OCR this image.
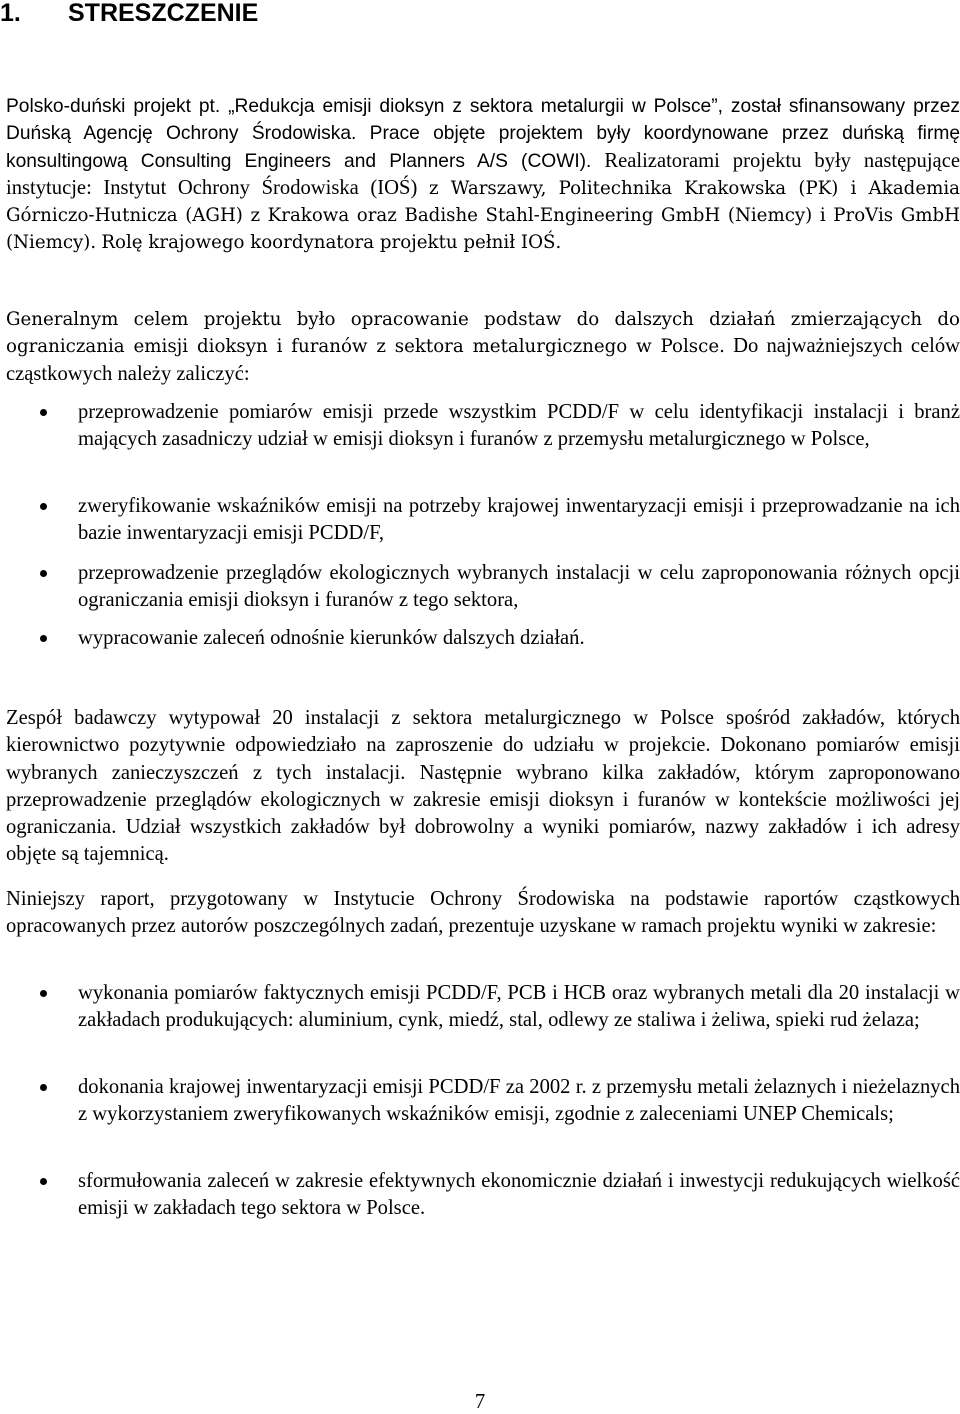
1. STRESZCZENIE

Polsko-duński projekt pt. „Redukcja emisji dioksyn z sektora metalurgii w Polsce”, został sfinansowany przez Duńską Agencję Ochrony Środowiska. Prace objęte projektem były koordynowane przez duńską firmę konsultingową Consulting Engineers and Planners A/S (COWI). Realizatorami projektu były następujące instytucje: Instytut Ochrony Środowiska (IOŚ) z Warszawy, Politechnika Krakowska (PK) i Akademia Górniczo-Hutnicza (AGH) z Krakowa oraz Badishe Stahl-Engineering GmbH (Niemcy) i ProVis GmbH (Niemcy). Rolę krajowego koordynatora projektu pełnił IOŚ.

Generalnym celem projektu było opracowanie podstaw do dalszych działań zmierzających do ograniczania emisji dioksyn i furanów z sektora metalurgicznego w Polsce. Do najważniejszych celów cząstkowych należy zaliczyć:

przeprowadzenie pomiarów emisji przede wszystkim PCDD/F w celu identyfikacji instalacji i branż mających zasadniczy udział w emisji dioksyn i furanów z przemysłu metalurgicznego w Polsce,

zweryfikowanie wskaźników emisji na potrzeby krajowej inwentaryzacji emisji i przeprowadzanie na ich bazie inwentaryzacji emisji PCDD/F,

przeprowadzenie przeglądów ekologicznych wybranych instalacji w celu zaproponowania różnych opcji ograniczania emisji dioksyn i furanów z tego sektora,

wypracowanie zaleceń odnośnie kierunków dalszych działań.

Zespół badawczy wytypował 20 instalacji z sektora metalurgicznego w Polsce spośród zakładów, których kierownictwo pozytywnie odpowiedziało na zaproszenie do udziału w projekcie. Dokonano pomiarów emisji wybranych zanieczyszczeń z tych instalacji. Następnie wybrano kilka zakładów, którym zaproponowano przeprowadzenie przeglądów ekologicznych w zakresie emisji dioksyn i furanów w kontekście możliwości jej ograniczania. Udział wszystkich zakładów był dobrowolny a wyniki pomiarów, nazwy zakładów i ich adresy objęte są tajemnicą.

Niniejszy raport, przygotowany w Instytucie Ochrony Środowiska na podstawie raportów cząstkowych opracowanych przez autorów poszczególnych zadań, prezentuje uzyskane w ramach projektu wyniki w zakresie:

wykonania pomiarów faktycznych emisji PCDD/F, PCB i HCB oraz wybranych metali dla 20 instalacji w zakładach produkujących: aluminium, cynk, miedź, stal, odlewy ze staliwa i żeliwa, spieki rud żelaza;

dokonania krajowej inwentaryzacji emisji PCDD/F za 2002 r. z przemysłu metali żelaznych i nieżelaznych z wykorzystaniem zweryfikowanych wskaźników emisji, zgodnie z zaleceniami UNEP Chemicals;

sformułowania zaleceń w zakresie efektywnych ekonomicznie działań i inwestycji redukujących wielkość emisji w zakładach tego sektora w Polsce.

7
